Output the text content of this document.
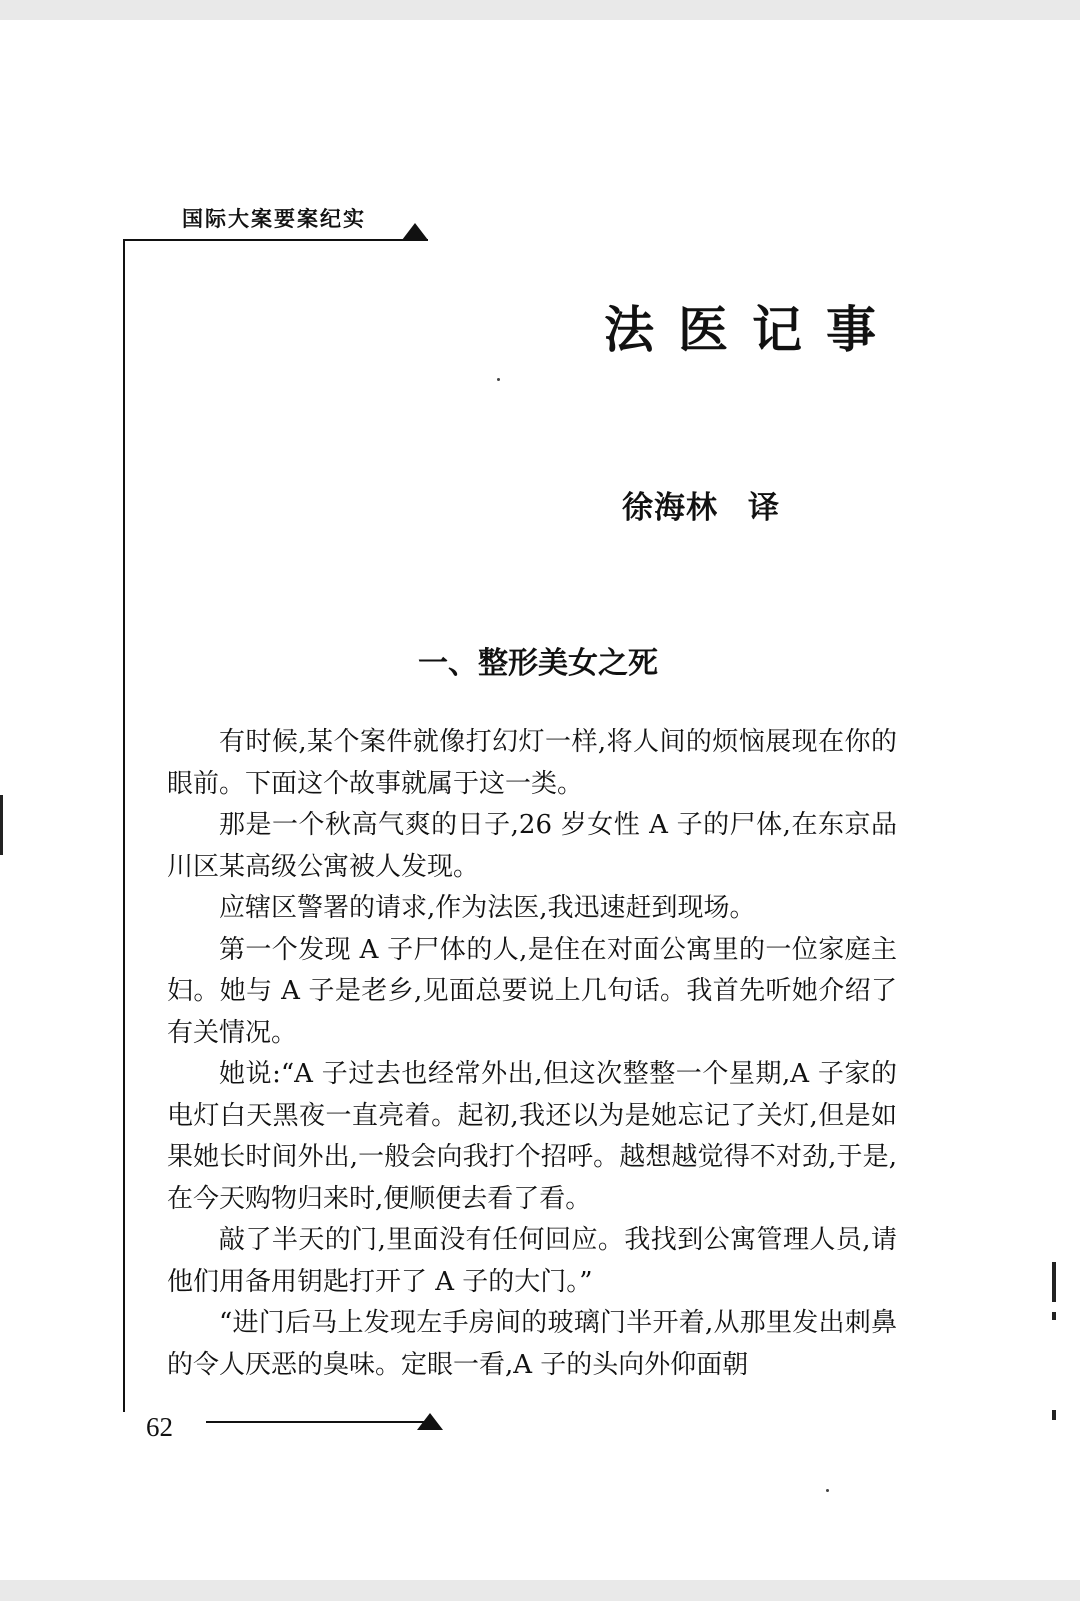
国际大案要案纪实
法医记事
徐海林 译
一、整形美女之死

有时候,某个案件就像打幻灯一样,将人间的烦恼展现在你的眼前。下面这个故事就属于这一类。

那是一个秋高气爽的日子,26 岁女性 A 子的尸体,在东京品川区某高级公寓被人发现。

应辖区警署的请求,作为法医,我迅速赶到现场。

第一个发现 A 子尸体的人,是住在对面公寓里的一位家庭主妇。她与 A 子是老乡,见面总要说上几句话。我首先听她介绍了有关情况。

她说:“A 子过去也经常外出,但这次整整一个星期,A 子家的电灯白天黑夜一直亮着。起初,我还以为是她忘记了关灯,但是如果她长时间外出,一般会向我打个招呼。越想越觉得不对劲,于是,在今天购物归来时,便顺便去看了看。

敲了半天的门,里面没有任何回应。我找到公寓管理人员,请他们用备用钥匙打开了 A 子的大门。”

“进门后马上发现左手房间的玻璃门半开着,从那里发出刺鼻的令人厌恶的臭味。定眼一看,A 子的头向外仰面朝

62
